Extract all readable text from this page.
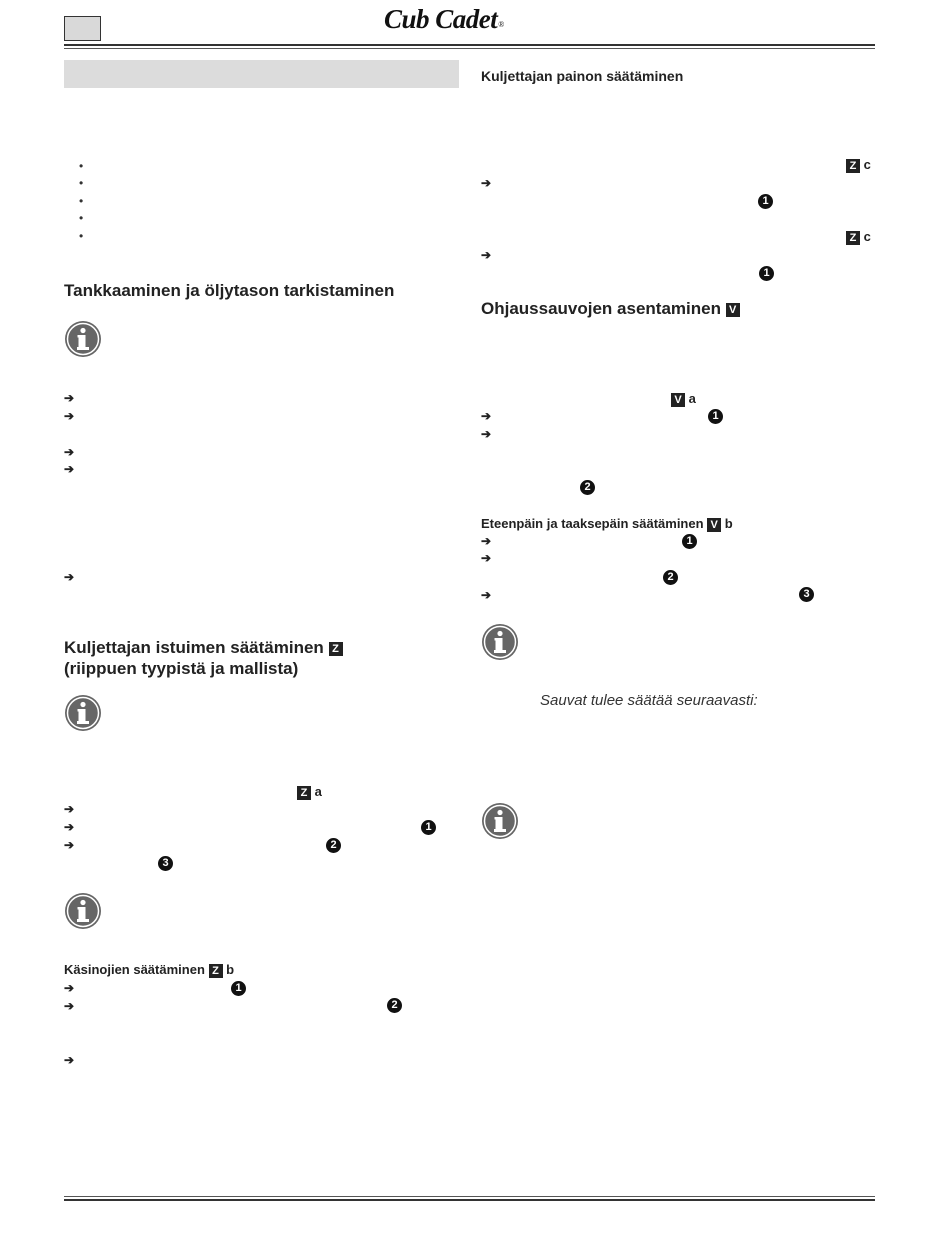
Cub Cadet®
•
•
•
•
•
Tankkaaminen ja öljytason tarkistaminen
➔
➔
➔
➔
➔
Kuljettajan istuimen säätäminen Z
(riippuen tyypistä ja mallista)
Z a
➔
➔	1
➔	2
3
Käsinojien säätäminen Z b
➔	1
➔	2
➔
Kuljettajan painon säätäminen
Z c
➔
1
Z c
➔
1
Ohjaussauvojen asentaminen V
V a
➔	1
➔
2
Eteenpäin ja taaksepäin säätäminen V b
➔	1
➔
2
➔	3
Sauvat tulee säätää seuraavasti:
